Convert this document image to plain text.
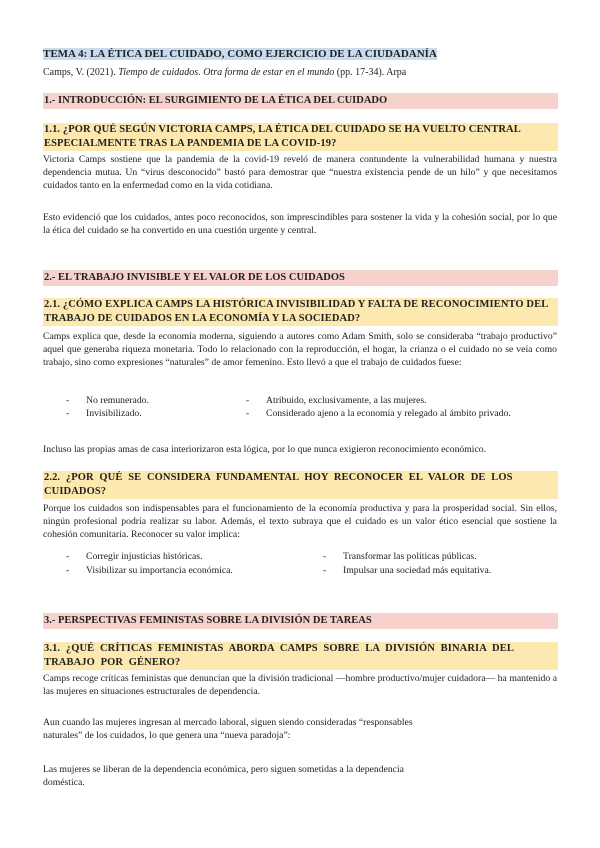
TEMA 4: LA ÉTICA DEL CUIDADO, COMO EJERCICIO DE LA CIUDADANÍA

Camps, V. (2021). Tiempo de cuidados. Otra forma de estar en el mundo (pp. 17-34). Arpa

1.- INTRODUCCIÓN: EL SURGIMIENTO DE LA ÉTICA DEL CUIDADO

1.1. ¿POR QUÉ SEGÚN VICTORIA CAMPS, LA ÉTICA DEL CUIDADO SE HA VUELTO CENTRAL ESPECIALMENTE TRAS LA PANDEMIA DE LA COVID-19?

Victoria Camps sostiene que la pandemia de la covid-19 reveló de manera contundente la vulnerabilidad humana y nuestra dependencia mutua. Un “virus desconocido” bastó para demostrar que “nuestra existencia pende de un hilo” y que necesitamos cuidados tanto en la enfermedad como en la vida cotidiana.

Esto evidenció que los cuidados, antes poco reconocidos, son imprescindibles para sostener la vida y la cohesión social, por lo que la ética del cuidado se ha convertido en una cuestión urgente y central.

2.- EL TRABAJO INVISIBLE Y EL VALOR DE LOS CUIDADOS

2.1. ¿CÓMO EXPLICA CAMPS LA HISTÓRICA INVISIBILIDAD Y FALTA DE RECONOCIMIENTO DEL TRABAJO DE CUIDADOS EN LA ECONOMÍA Y LA SOCIEDAD?

Camps explica que, desde la economía moderna, siguiendo a autores como Adam Smith, solo se consideraba “trabajo productivo” aquel que generaba riqueza monetaria. Todo lo relacionado con la reproducción, el hogar, la crianza o el cuidado no se veía como trabajo, sino como expresiones “naturales” de amor femenino. Esto llevó a que el trabajo de cuidados fuese:

- No remunerado.	- Atribuido, exclusivamente, a las mujeres.
- Invisibilizado.	- Considerado ajeno a la economía y relegado al ámbito privado.

Incluso las propias amas de casa interiorizaron esta lógica, por lo que nunca exigieron reconocimiento económico.

2.2. ¿POR QUÉ SE CONSIDERA FUNDAMENTAL HOY RECONOCER EL VALOR DE LOS CUIDADOS?

Porque los cuidados son indispensables para el funcionamiento de la economía productiva y para la prosperidad social. Sin ellos, ningún profesional podría realizar su labor. Además, el texto subraya que el cuidado es un valor ético esencial que sostiene la cohesión comunitaria. Reconocer su valor implica:

- Corregir injusticias históricas.	- Transformar las políticas públicas.
- Visibilizar su importancia económica.	- Impulsar una sociedad más equitativa.

3.- PERSPECTIVAS FEMINISTAS SOBRE LA DIVISIÓN DE TAREAS

3.1. ¿QUÉ CRÍTICAS FEMINISTAS ABORDA CAMPS SOBRE LA DIVISIÓN BINARIA DEL TRABAJO POR GÉNERO?

Camps recoge críticas feministas que denuncian que la división tradicional —hombre productivo/mujer cuidadora— ha mantenido a las mujeres en situaciones estructurales de dependencia.

Aun cuando las mujeres ingresan al mercado laboral, siguen siendo consideradas “responsables
naturales” de los cuidados, lo que genera una “nueva paradoja”:
Las mujeres se liberan de la dependencia económica, pero siguen sometidas a la dependencia
doméstica.
